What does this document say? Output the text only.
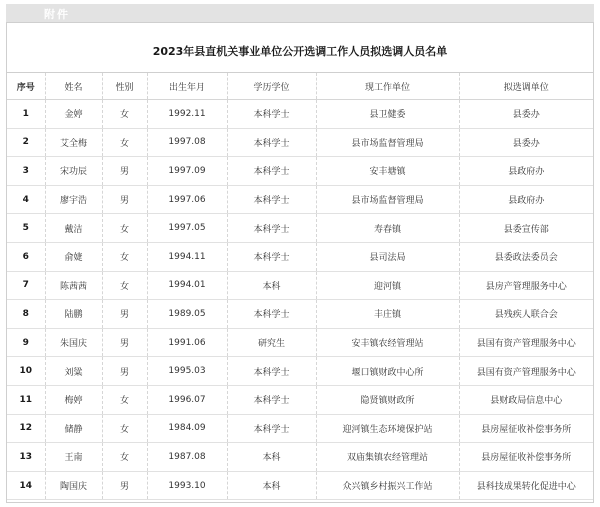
附件
2023年县直机关事业单位公开选调工作人员拟选调人员名单
序号	姓名	性别	出生年月	学历学位	现工作单位	拟选调单位
1	金婷	女	1992.11	本科学士	县卫健委	县委办
2	艾全梅	女	1997.08	本科学士	县市场监督管理局	县委办
3	宋功辰	男	1997.09	本科学士	安丰塘镇	县政府办
4	廖宇浩	男	1997.06	本科学士	县市场监督管理局	县政府办
5	戴洁	女	1997.05	本科学士	寿春镇	县委宣传部
6	俞婕	女	1994.11	本科学士	县司法局	县委政法委员会
7	陈茜茜	女	1994.01	本科	迎河镇	县房产管理服务中心
8	陆鹏	男	1989.05	本科学士	丰庄镇	县残疾人联合会
9	朱国庆	男	1991.06	研究生	安丰镇农经管理站	县国有资产管理服务中心
10	刘粱	男	1995.03	本科学士	堰口镇财政中心所	县国有资产管理服务中心
11	梅婷	女	1996.07	本科学士	隐贤镇财政所	县财政局信息中心
12	储静	女	1984.09	本科学士	迎河镇生态环境保护站	县房屋征收补偿事务所
13	王南	女	1987.08	本科	双庙集镇农经管理站	县房屋征收补偿事务所
14	陶国庆	男	1993.10	本科	众兴镇乡村振兴工作站	县科技成果转化促进中心
